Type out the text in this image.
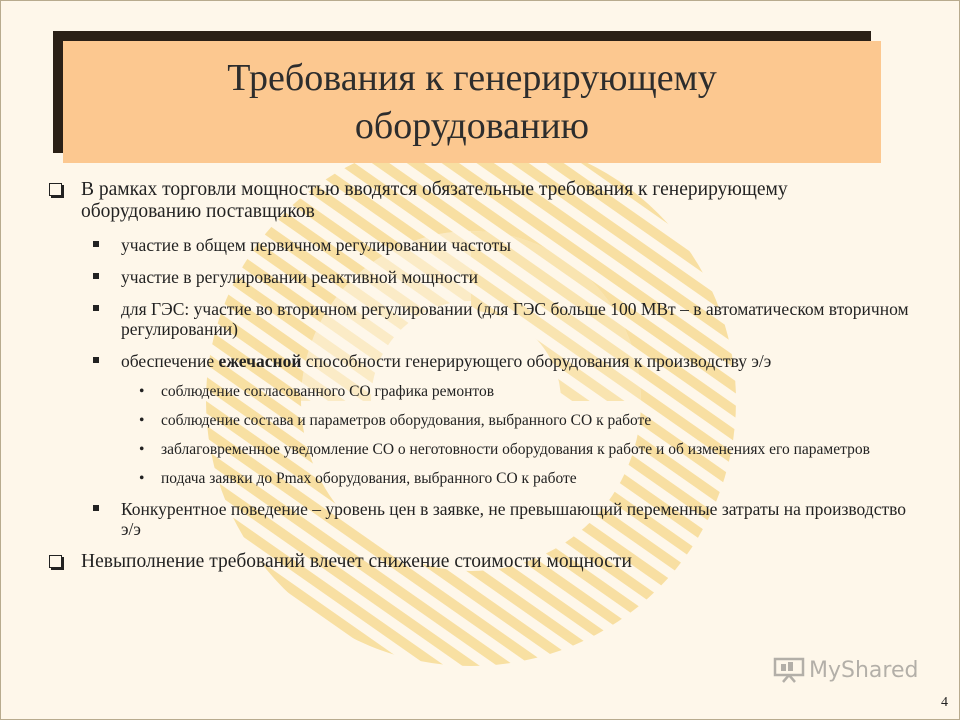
Требования к генерирующему
оборудованию
В рамках торговли мощностью вводятся обязательные требования к генерирующему оборудованию поставщиков
участие в общем первичном регулировании частоты
участие в регулировании реактивной мощности
для ГЭС: участие во вторичном регулировании (для ГЭС больше 100 МВт – в автоматическом вторичном регулировании)
обеспечение ежечасной способности генерирующего оборудования к производству э/э
• соблюдение согласованного СО графика ремонтов
• соблюдение состава и параметров оборудования, выбранного СО к работе
• заблаговременное уведомление СО о неготовности оборудования к работе и об изменениях его параметров
• подача заявки до Pmax оборудования, выбранного СО к работе
Конкурентное поведение – уровень цен в заявке, не превышающий переменные затраты на производство э/э
Невыполнение требований влечет снижение стоимости мощности
MyShared
4
